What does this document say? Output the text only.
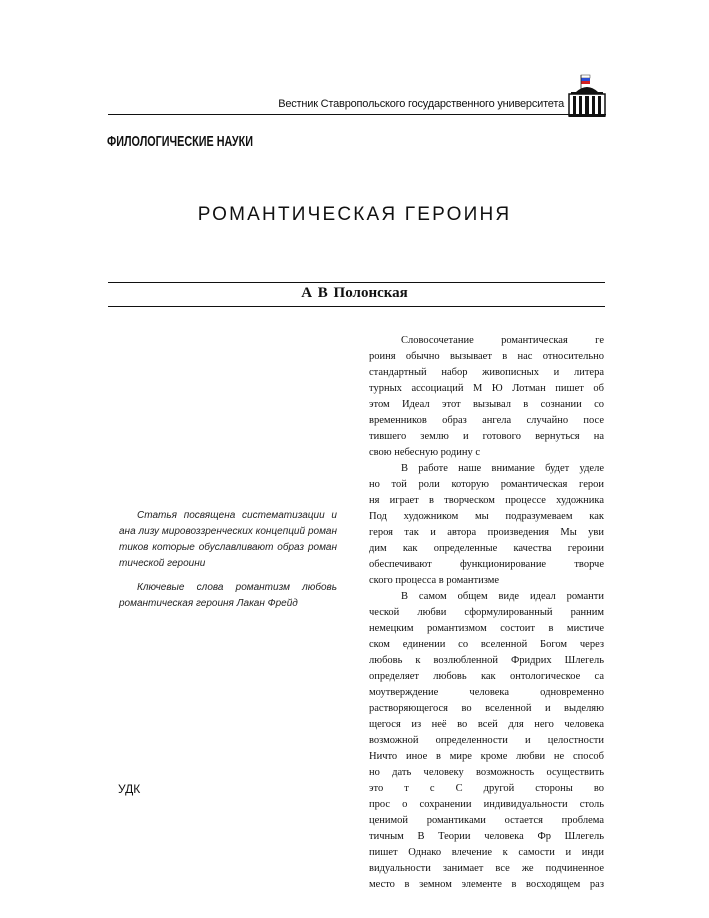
Вестник Ставропольского государственного университета
ФИЛОЛОГИЧЕСКИЕ НАУКИ
РОМАНТИЧЕСКАЯ ГЕРОИНЯ
А В Полонская

Статья посвящена систематизации и ана лизу мировоззренческих концепций роман тиков которые обуславливают образ роман тической героини

Ключевые слова романтизм любовь романтическая героиня Лакан Фрейд

УДК
Словосочетание романтическая ге
роиня обычно вызывает в нас относительно
стандартный набор живописных и литера
турных ассоциаций М Ю Лотман пишет об
этом Идеал этот вызывал в сознании со
временников образ ангела случайно посе
тившего землю и готового вернуться на
свою небесную родину с
В работе наше внимание будет уделе
но той роли которую романтическая герои
ня играет в творческом процессе художника
Под художником мы подразумеваем как
героя так и автора произведения Мы уви
дим как определенные качества героини
обеспечивают функционирование творче
ского процесса в романтизме
В самом общем виде идеал романти
ческой любви сформулированный ранним
немецким романтизмом состоит в мистиче
ском единении со вселенной Богом через
любовь к возлюбленной Фридрих Шлегель
определяет любовь как онтологическое са
моутверждение человека одновременно
растворяющегося во вселенной и выделяю
щегося из неё во всей для него человека
возможной определенности и целостности
Ничто иное в мире кроме любви не способ
но дать человеку возможность осуществить
это т с С другой стороны во
прос о сохранении индивидуальности столь
ценимой романтиками остается проблема
тичным В Теории человека Фр Шлегель
пишет Однако влечение к самости и инди
видуальности занимает все же подчиненное
место в земном элементе в восходящем раз
